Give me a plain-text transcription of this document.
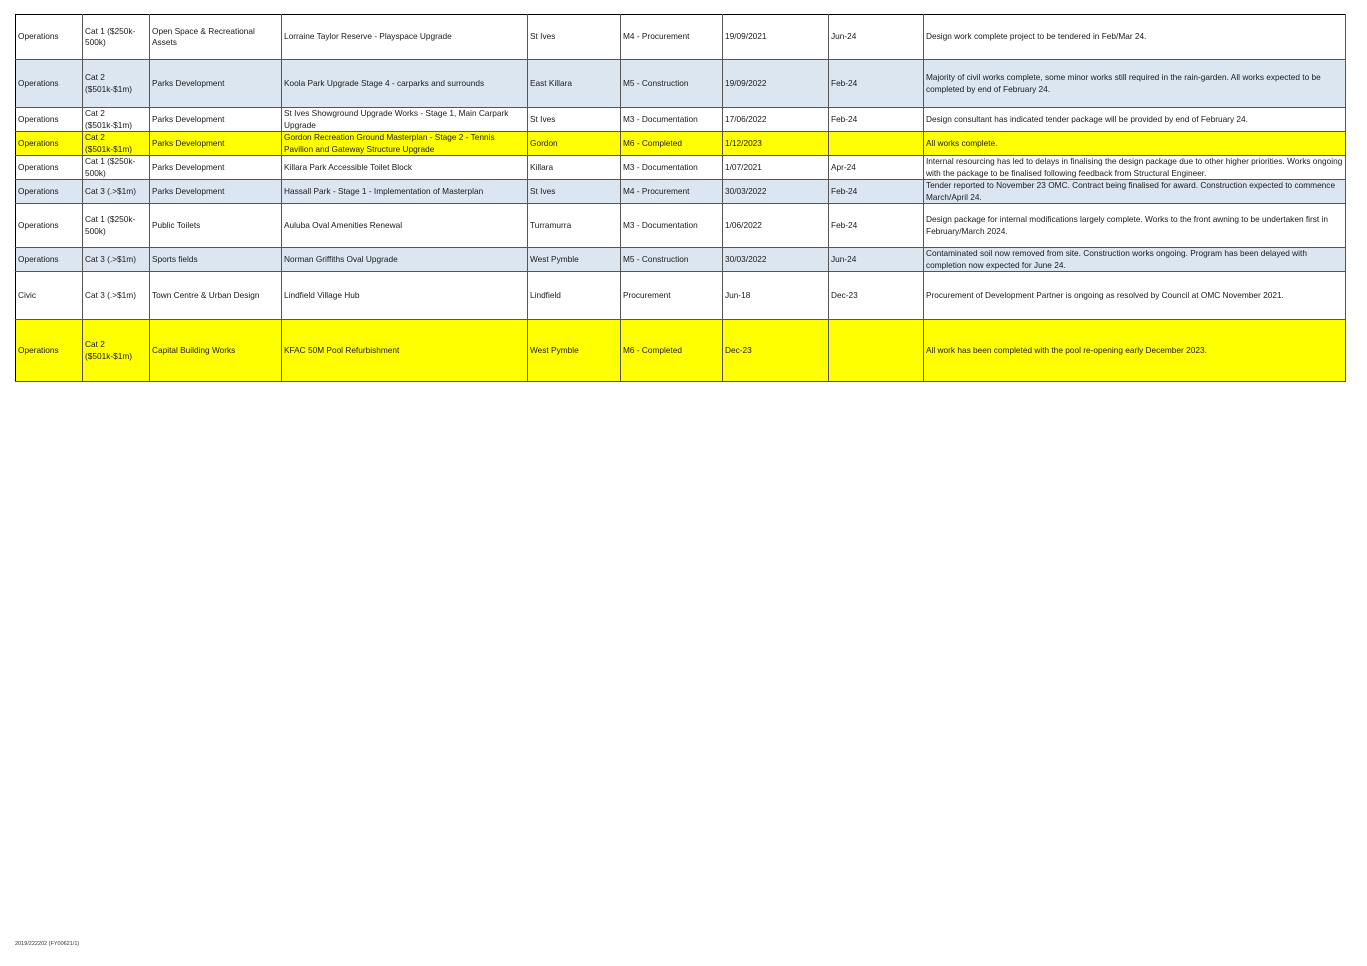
Operations	Cat 1 ($250k-500k)	Open Space & Recreational Assets	Lorraine Taylor Reserve - Playspace Upgrade	St Ives	M4 - Procurement	19/09/2021	Jun-24	Design work complete project to be tendered in Feb/Mar 24.
Operations	Cat 2 ($501k-$1m)	Parks Development	Koola Park Upgrade Stage 4 - carparks and surrounds	East Killara	M5 - Construction	19/09/2022	Feb-24	Majority of civil works complete, some minor works still required in the rain-garden. All works expected to be completed by end of February 24.
Operations	Cat 2 ($501k-$1m)	Parks Development	St Ives Showground Upgrade Works - Stage 1, Main Carpark Upgrade	St Ives	M3 - Documentation	17/06/2022	Feb-24	Design consultant has indicated tender package will be provided by end of February 24.
Operations	Cat 2 ($501k-$1m)	Parks Development	Gordon Recreation Ground Masterplan - Stage 2 - Tennis Pavilion and Gateway Structure Upgrade	Gordon	M6 - Completed	1/12/2023		All works complete.
Operations	Cat 1 ($250k-500k)	Parks Development	Killara Park Accessible Toilet Block	Killara	M3 - Documentation	1/07/2021	Apr-24	Internal resourcing has led to delays in finalising the design package due to other higher priorities. Works ongoing with the package to be finalised following feedback from Structural Engineer.
Operations	Cat 3 (.>$1m)	Parks Development	Hassall Park - Stage 1 - Implementation of Masterplan	St Ives	M4 - Procurement	30/03/2022	Feb-24	Tender reported to November 23 OMC. Contract being finalised for award. Construction expected to commence March/April 24.
Operations	Cat 1 ($250k-500k)	Public Toilets	Auluba Oval Amenities Renewal	Turramurra	M3 - Documentation	1/06/2022	Feb-24	Design package for internal modifications largely complete. Works to the front awning to be undertaken first in February/March 2024.
Operations	Cat 3 (.>$1m)	Sports fields	Norman Griffiths Oval Upgrade	West Pymble	M5 - Construction	30/03/2022	Jun-24	Contaminated soil now removed from site. Construction works ongoing. Program has been delayed with completion now expected for June 24.
Civic	Cat 3 (.>$1m)	Town Centre & Urban Design	Lindfield Village Hub	Lindfield	Procurement	Jun-18	Dec-23	Procurement of Development Partner is ongoing as resolved by Council at OMC November 2021.
Operations	Cat 2 ($501k-$1m)	Capital Building Works	KFAC 50M Pool Refurbishment	West Pymble	M6 - Completed	Dec-23		All work has been completed with the pool re-opening early December 2023.
2019/222202 (FY00621/1)
